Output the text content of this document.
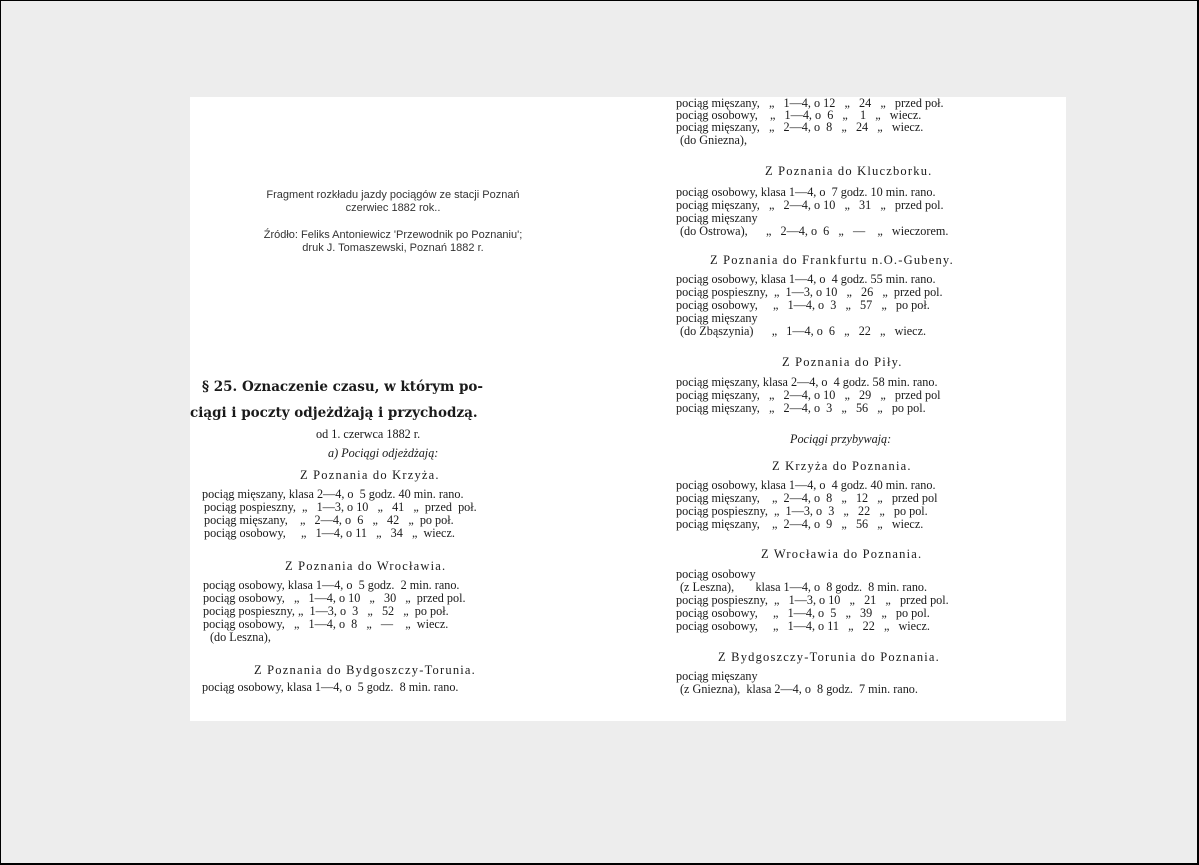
Fragment rozkładu jazdy pociągów ze stacji Poznań
czerwiec 1882 rok..

Źródło: Feliks Antoniewicz 'Przewodnik po Poznaniu';
druk J. Tomaszewski, Poznań 1882 r.

§ 25. Oznaczenie czasu, w którym po-
ciągi i poczty odjeżdżają i przychodzą.
od 1. czerwca 1882 r.
a) Pociągi odjeżdżają:
Z Poznania do Krzyża.
pociąg mięszany, klasa 2—4, o  5 godz. 40 min. rano.
pociąg pospieszny,  „   1—3, o 10   „   41   „  przed  poł.
pociąg mięszany,    „   2—4, o  6   „   42   „  po poł.
pociąg osobowy,     „   1—4, o 11   „   34   „  wiecz.
Z Poznania do Wrocławia.
pociąg osobowy, klasa 1—4, o  5 godz.  2 min. rano.
pociąg osobowy,   „   1—4, o 10   „   30   „  przed pol.
pociąg pospieszny, „  1—3, o  3   „   52   „  po poł.
pociąg osobowy,   „   1—4, o  8   „   —    „  wiecz.
(do Leszna),
Z Poznania do Bydgoszczy-Torunia.
pociąg osobowy, klasa 1—4, o  5 godz.  8 min. rano.
pociąg mięszany,   „   1—4, o 12   „   24   „   przed poł.
pociąg osobowy,    „   1—4, o  6   „    1   „   wiecz.
pociąg mięszany,   „   2—4, o  8   „   24   „   wiecz.
(do Gniezna),
Z Poznania do Kluczborku.
pociąg osobowy, klasa 1—4, o  7 godz. 10 min. rano.
pociąg mięszany,   „   2—4, o 10   „   31   „   przed pol.
pociąg mięszany
(do Ostrowa),      „   2—4, o  6   „   —    „   wieczorem.
Z Poznania do Frankfurtu n.O.-Gubeny.
pociąg osobowy, klasa 1—4, o  4 godz. 55 min. rano.
pociąg pospieszny,  „  1—3, o 10   „   26   „  przed pol.
pociąg osobowy,     „   1—4, o  3   „   57   „   po poł.
pociąg mięszany
(do Zbąszynia)      „   1—4, o  6   „   22   „   wiecz.
Z Poznania do Piły.
pociąg mięszany, klasa 2—4, o  4 godz. 58 min. rano.
pociąg mięszany,   „   2—4, o 10   „   29   „   przed pol
pociąg mięszany,   „   2—4, o  3   „   56   „   po pol.
Pociągi przybywają:
Z Krzyża do Poznania.
pociąg osobowy, klasa 1—4, o  4 godz. 40 min. rano.
pociąg mięszany,    „  2—4, o  8   „   12   „   przed pol
pociąg pospieszny,  „  1—3, o  3   „   22   „   po pol.
pociąg mięszany,    „  2—4, o  9   „   56   „   wiecz.
Z Wrocławia do Poznania.
pociąg osobowy
(z Leszna),       klasa 1—4, o  8 godz.  8 min. rano.
pociąg pospieszny,  „   1—3, o 10   „   21   „   przed pol.
pociąg osobowy,     „   1—4, o  5   „   39   „   po pol.
pociąg osobowy,     „   1—4, o 11   „   22   „   wiecz.
Z Bydgoszczy-Torunia do Poznania.
pociąg mięszany
(z Gniezna),  klasa 2—4, o  8 godz.  7 min. rano.
